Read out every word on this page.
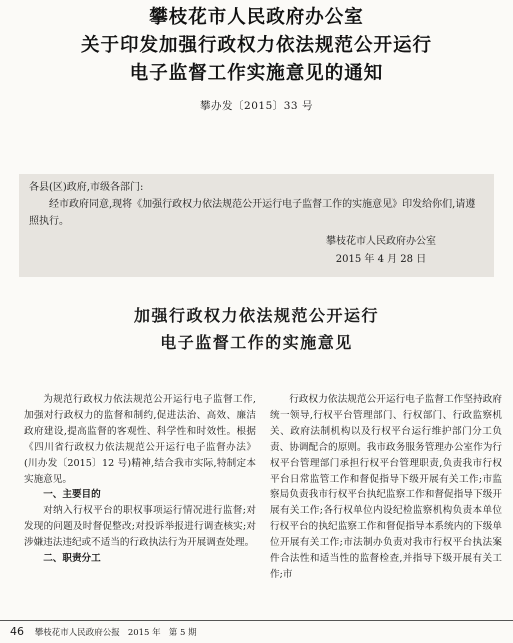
攀枝花市人民政府办公室
关于印发加强行政权力依法规范公开运行
电子监督工作实施意见的通知
攀办发〔2015〕33 号

各县(区)政府,市级各部门:

经市政府同意,现将《加强行政权力依法规范公开运行电子监督工作的实施意见》印发给你们,请遵照执行。

攀枝花市人民政府办公室
2015 年 4 月 28 日
加强行政权力依法规范公开运行
电子监督工作的实施意见

为规范行政权力依法规范公开运行电子监督工作,加强对行政权力的监督和制约,促进法治、高效、廉洁政府建设,提高监督的客观性、科学性和时效性。根据《四川省行政权力依法规范公开运行电子监督办法》(川办发〔2015〕12 号)精神,结合我市实际,特制定本实施意见。

一、主要目的

对纳入行权平台的职权事项运行情况进行监督;对发现的问题及时督促整改;对投诉举报进行调查核实;对涉嫌违法违纪或不适当的行政执法行为开展调查处理。

二、职责分工

行政权力依法规范公开运行电子监督工作坚持政府统一领导,行权平台管理部门、行权部门、行政监察机关、政府法制机构以及行权平台运行维护部门分工负责、协调配合的原则。我市政务服务管理办公室作为行权平台管理部门承担行权平台管理职责,负责我市行权平台日常监管工作和督促指导下级开展有关工作;市监察局负责我市行权平台执纪监察工作和督促指导下级开展有关工作;各行权单位内设纪检监察机构负责本单位行权平台的执纪监察工作和督促指导本系统内的下级单位开展有关工作;市法制办负责对我市行权平台执法案件合法性和适当性的监督检查,并指导下级开展有关工作;市

46 攀枝花市人民政府公报 2015 年 第 5 期
